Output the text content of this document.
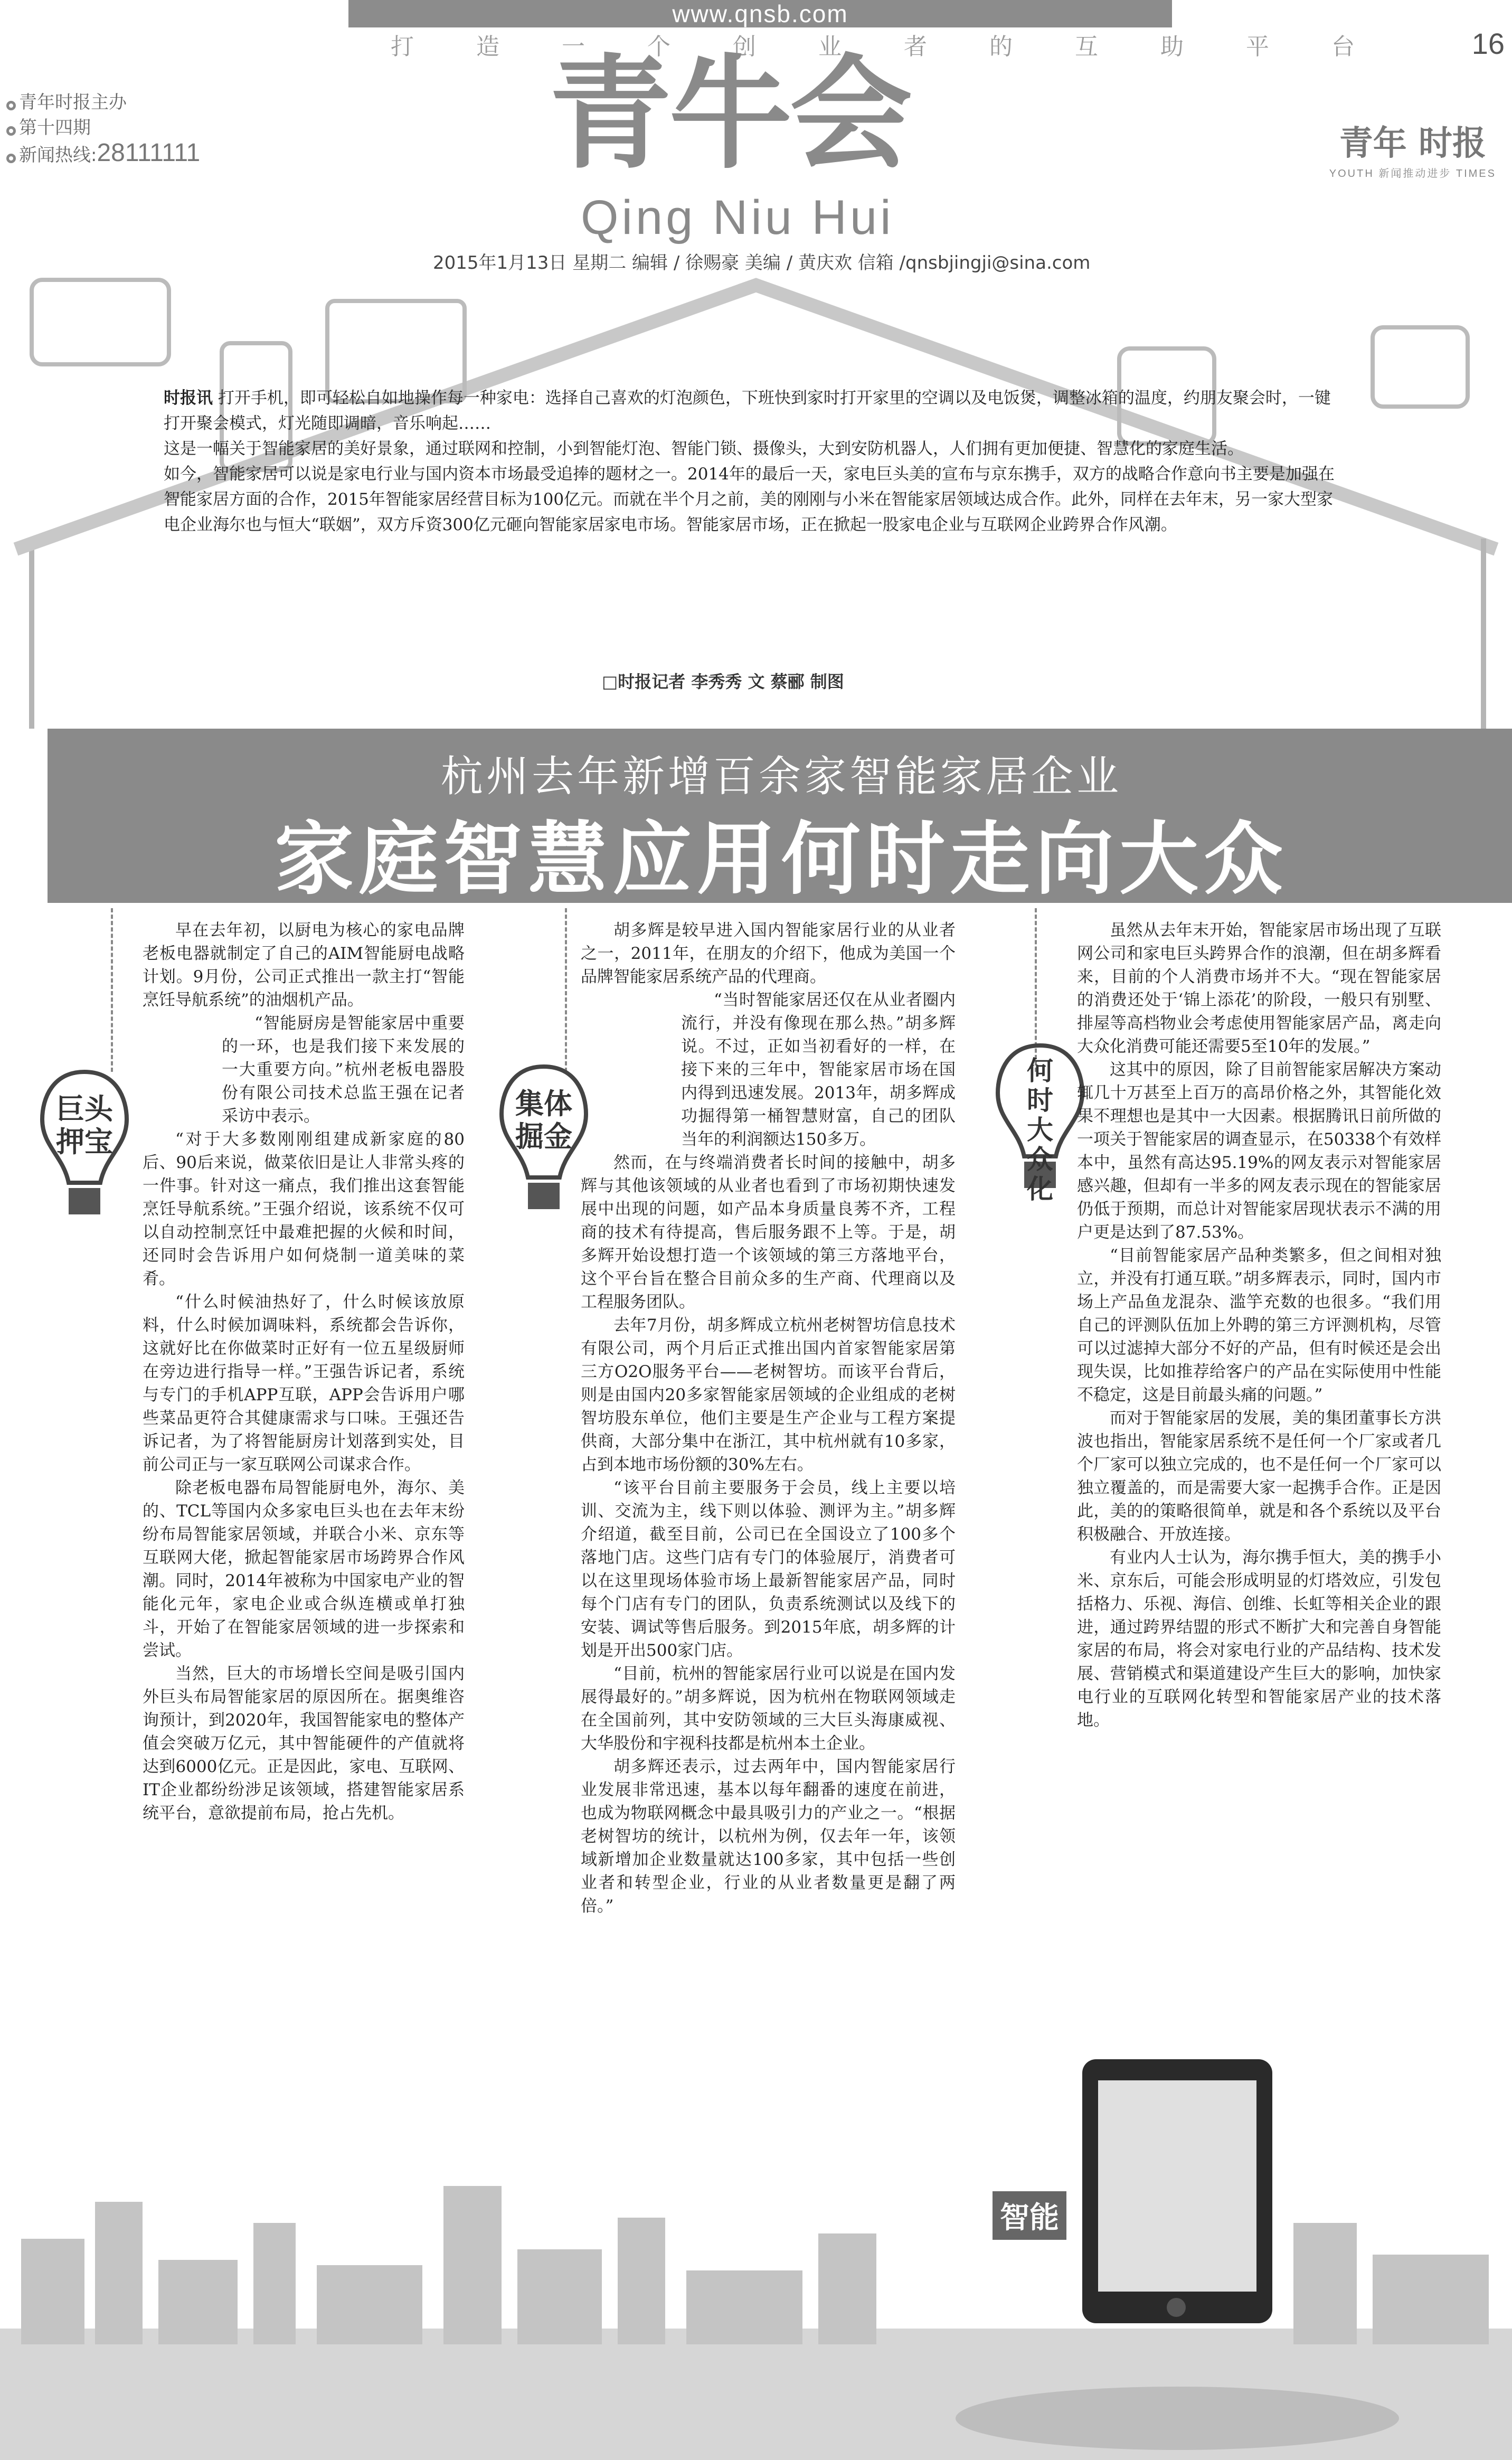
www.qnsb.com
打造一个创业者的互助平台 16
青年时报主办
第十四期
新闻热线:28111111	青牛会
Qing Niu Hui
青年 时报
YOUTH 新闻推动进步 TIMES
2015年1月13日 星期二 编辑 / 徐赐豪 美编 / 黄庆欢 信箱 /qnsbjingji@sina.com

时报讯 打开手机，即可轻松自如地操作每一种家电：选择自己喜欢的灯泡颜色，下班快到家时打开家里的空调以及电饭煲，调整冰箱的温度，约朋友聚会时，一键打开聚会模式，灯光随即调暗，音乐响起……

这是一幅关于智能家居的美好景象，通过联网和控制，小到智能灯泡、智能门锁、摄像头，大到安防机器人，人们拥有更加便捷、智慧化的家庭生活。

如今，智能家居可以说是家电行业与国内资本市场最受追捧的题材之一。2014年的最后一天，家电巨头美的宣布与京东携手，双方的战略合作意向书主要是加强在智能家居方面的合作，2015年智能家居经营目标为100亿元。而就在半个月之前，美的刚刚与小米在智能家居领域达成合作。此外，同样在去年末，另一家大型家电企业海尔也与恒大“联姻”，双方斥资300亿元砸向智能家居家电市场。智能家居市场，正在掀起一股家电企业与互联网企业跨界合作风潮。

□时报记者 李秀秀 文 蔡郦 制图
杭州去年新增百余家智能家居企业
家庭智慧应用何时走向大众
巨头押宝
集体掘金
何时大众化

早在去年初，以厨电为核心的家电品牌老板电器就制定了自己的AIM智能厨电战略计划。9月份，公司正式推出一款主打“智能烹饪导航系统”的油烟机产品。

“智能厨房是智能家居中重要的一环，也是我们接下来发展的一大重要方向。”杭州老板电器股份有限公司技术总监王强在记者采访中表示。

“对于大多数刚刚组建成新家庭的80后、90后来说，做菜依旧是让人非常头疼的一件事。针对这一痛点，我们推出这套智能烹饪导航系统。”王强介绍说，该系统不仅可以自动控制烹饪中最难把握的火候和时间，还同时会告诉用户如何烧制一道美味的菜肴。

“什么时候油热好了，什么时候该放原料，什么时候加调味料，系统都会告诉你，这就好比在你做菜时正好有一位五星级厨师在旁边进行指导一样。”王强告诉记者，系统与专门的手机APP互联，APP会告诉用户哪些菜品更符合其健康需求与口味。王强还告诉记者，为了将智能厨房计划落到实处，目前公司正与一家互联网公司谋求合作。

除老板电器布局智能厨电外，海尔、美的、TCL等国内众多家电巨头也在去年末纷纷布局智能家居领域，并联合小米、京东等互联网大佬，掀起智能家居市场跨界合作风潮。同时，2014年被称为中国家电产业的智能化元年，家电企业或合纵连横或单打独斗，开始了在智能家居领域的进一步探索和尝试。

当然，巨大的市场增长空间是吸引国内外巨头布局智能家居的原因所在。据奥维咨询预计，到2020年，我国智能家电的整体产值会突破万亿元，其中智能硬件的产值就将达到6000亿元。正是因此，家电、互联网、IT企业都纷纷涉足该领域，搭建智能家居系统平台，意欲提前布局，抢占先机。

胡多辉是较早进入国内智能家居行业的从业者之一，2011年，在朋友的介绍下，他成为美国一个品牌智能家居系统产品的代理商。

“当时智能家居还仅在从业者圈内流行，并没有像现在那么热。”胡多辉说。不过，正如当初看好的一样，在接下来的三年中，智能家居市场在国内得到迅速发展。2013年，胡多辉成功掘得第一桶智慧财富，自己的团队当年的利润额达150多万。

然而，在与终端消费者长时间的接触中，胡多辉与其他该领域的从业者也看到了市场初期快速发展中出现的问题，如产品本身质量良莠不齐，工程商的技术有待提高，售后服务跟不上等。于是，胡多辉开始设想打造一个该领域的第三方落地平台，这个平台旨在整合目前众多的生产商、代理商以及工程服务团队。

去年7月份，胡多辉成立杭州老树智坊信息技术有限公司，两个月后正式推出国内首家智能家居第三方O2O服务平台——老树智坊。而该平台背后，则是由国内20多家智能家居领域的企业组成的老树智坊股东单位，他们主要是生产企业与工程方案提供商，大部分集中在浙江，其中杭州就有10多家，占到本地市场份额的30%左右。

“该平台目前主要服务于会员，线上主要以培训、交流为主，线下则以体验、测评为主。”胡多辉介绍道，截至目前，公司已在全国设立了100多个落地门店。这些门店有专门的体验展厅，消费者可以在这里现场体验市场上最新智能家居产品，同时每个门店有专门的团队，负责系统测试以及线下的安装、调试等售后服务。到2015年底，胡多辉的计划是开出500家门店。

“目前，杭州的智能家居行业可以说是在国内发展得最好的。”胡多辉说，因为杭州在物联网领域走在全国前列，其中安防领域的三大巨头海康威视、大华股份和宇视科技都是杭州本土企业。

胡多辉还表示，过去两年中，国内智能家居行业发展非常迅速，基本以每年翻番的速度在前进，也成为物联网概念中最具吸引力的产业之一。“根据老树智坊的统计，以杭州为例，仅去年一年，该领域新增加企业数量就达100多家，其中包括一些创业者和转型企业，行业的从业者数量更是翻了两倍。”

虽然从去年末开始，智能家居市场出现了互联网公司和家电巨头跨界合作的浪潮，但在胡多辉看来，目前的个人消费市场并不大。“现在智能家居的消费还处于‘锦上添花’的阶段，一般只有别墅、排屋等高档物业会考虑使用智能家居产品，离走向大众化消费可能还需要5至10年的发展。”

这其中的原因，除了目前智能家居解决方案动辄几十万甚至上百万的高昂价格之外，其智能化效果不理想也是其中一大因素。根据腾讯日前所做的一项关于智能家居的调查显示，在50338个有效样本中，虽然有高达95.19%的网友表示对智能家居感兴趣，但却有一半多的网友表示现在的智能家居仍低于预期，而总计对智能家居现状表示不满的用户更是达到了87.53%。

“目前智能家居产品种类繁多，但之间相对独立，并没有打通互联。”胡多辉表示，同时，国内市场上产品鱼龙混杂、滥竽充数的也很多。“我们用自己的评测队伍加上外聘的第三方评测机构，尽管可以过滤掉大部分不好的产品，但有时候还是会出现失误，比如推荐给客户的产品在实际使用中性能不稳定，这是目前最头痛的问题。”

而对于智能家居的发展，美的集团董事长方洪波也指出，智能家居系统不是任何一个厂家或者几个厂家可以独立完成的，也不是任何一个厂家可以独立覆盖的，而是需要大家一起携手合作。正是因此，美的的策略很简单，就是和各个系统以及平台积极融合、开放连接。

有业内人士认为，海尔携手恒大，美的携手小米、京东后，可能会形成明显的灯塔效应，引发包括格力、乐视、海信、创维、长虹等相关企业的跟进，通过跨界结盟的形式不断扩大和完善自身智能家居的布局，将会对家电行业的产品结构、技术发展、营销模式和渠道建设产生巨大的影响，加快家电行业的互联网化转型和智能家居产业的技术落地。

智能
